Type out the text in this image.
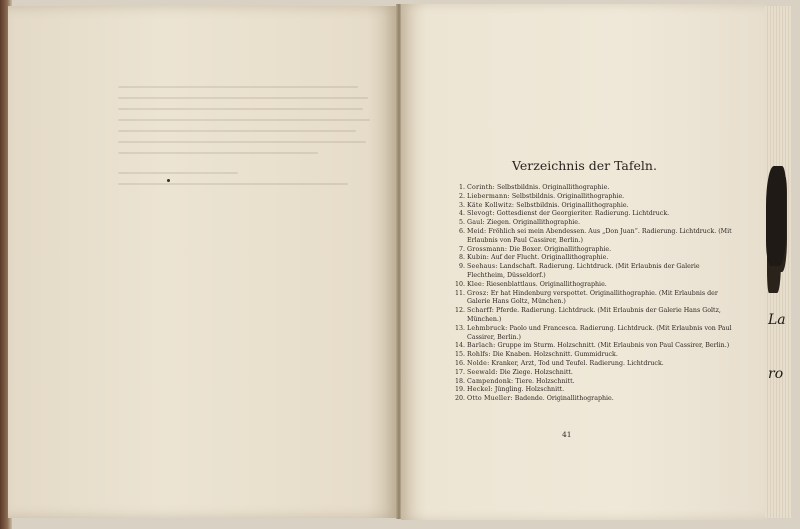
La
ro
Verzeichnis der Tafeln.
1. Corinth: Selbstbildnis. Originallithographie.
2. Liebermann: Selbstbildnis. Originallithographie.
3. Käte Kollwitz: Selbstbildnis. Originallithographie.
4. Slevogt: Gottesdienst der Georgieriter. Radierung. Lichtdruck.
5. Gaul: Ziegen. Originallithographie.
6. Meid: Fröhlich sei mein Abendessen. Aus „Don Juan“. Radierung. Lichtdruck. (Mit Erlaubnis von Paul Cassirer, Berlin.)
7. Grossmann: Die Boxer. Originallithographie.
8. Kubin: Auf der Flucht. Originallithographie.
9. Seehaus: Landschaft. Radierung. Lichtdruck. (Mit Erlaubnis der Galerie Flechtheim, Düsseldorf.)
10. Klee: Riesenblattlaus. Originallithographie.
11. Grosz: Er hat Hindenburg verspottet. Originallithographie. (Mit Erlaubnis der Galerie Hans Goltz, München.)
12. Scharff: Pferde. Radierung. Lichtdruck. (Mit Erlaubnis der Galerie Hans Goltz, München.)
13. Lehmbruck: Paolo und Francesca. Radierung. Lichtdruck. (Mit Erlaubnis von Paul Cassirer, Berlin.)
14. Barlach: Gruppe im Sturm. Holzschnitt. (Mit Erlaubnis von Paul Cassirer, Berlin.)
15. Rohlfs: Die Knaben. Holzschnitt. Gummidruck.
16. Nolde: Kranker, Arzt, Tod und Teufel. Radierung. Lichtdruck.
17. Seewald: Die Ziege. Holzschnitt.
18. Campendonk: Tiere. Holzschnitt.
19. Heckel: Jüngling. Holzschnitt.
20. Otto Mueller: Badende. Originallithographie.
41
